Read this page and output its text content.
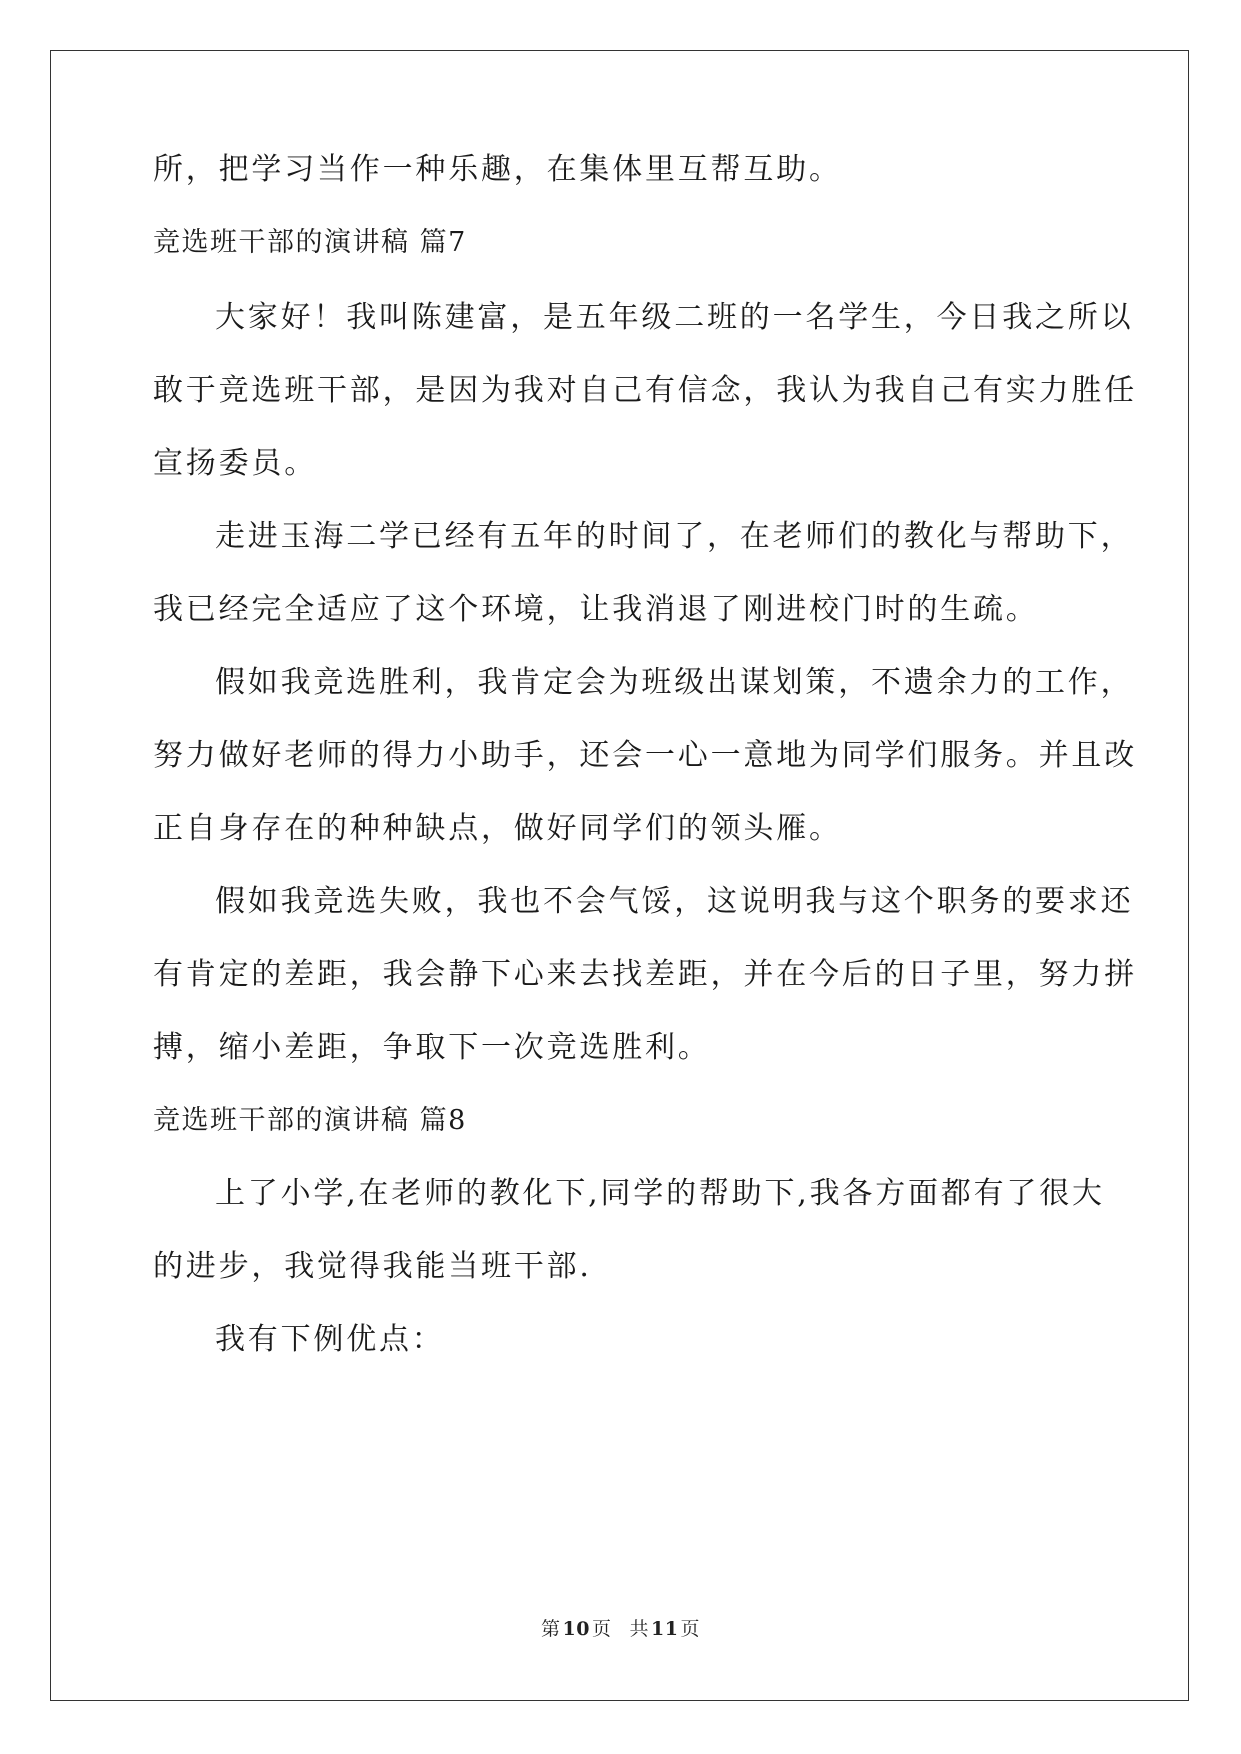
所，把学习当作一种乐趣，在集体里互帮互助。
竞选班干部的演讲稿 篇7
大家好！我叫陈建富，是五年级二班的一名学生，今日我之所以
敢于竞选班干部，是因为我对自己有信念，我认为我自己有实力胜任
宣扬委员。
走进玉海二学已经有五年的时间了，在老师们的教化与帮助下，
我已经完全适应了这个环境，让我消退了刚进校门时的生疏。
假如我竞选胜利，我肯定会为班级出谋划策，不遗余力的工作，
努力做好老师的得力小助手，还会一心一意地为同学们服务。并且改
正自身存在的种种缺点，做好同学们的领头雁。
假如我竞选失败，我也不会气馁，这说明我与这个职务的要求还
有肯定的差距，我会静下心来去找差距，并在今后的日子里，努力拼
搏，缩小差距，争取下一次竞选胜利。
竞选班干部的演讲稿 篇8
上了小学,在老师的教化下,同学的帮助下,我各方面都有了很大
的进步，我觉得我能当班干部.
我有下例优点：
第 10 页 共 11 页
